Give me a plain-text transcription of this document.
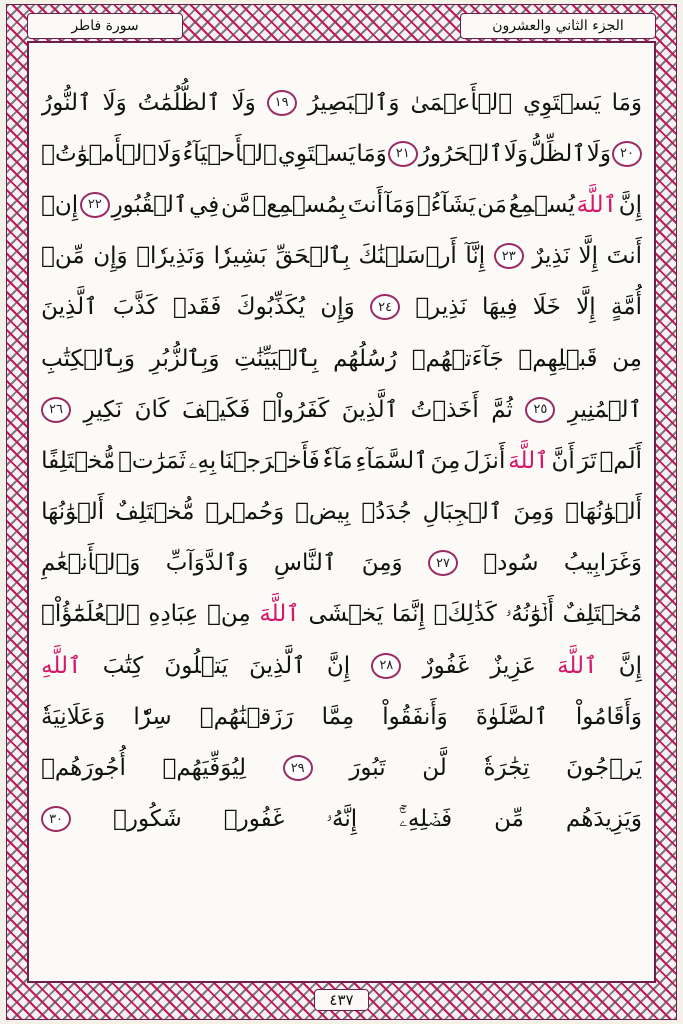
الجزء الثاني والعشرون
سورة فاطر
وَمَا
يَسۡتَوِي
ٱلۡأَعۡمَىٰ
وَٱلۡبَصِيرُ
١٩
وَلَا
ٱلظُّلُمَٰتُ
وَلَا
ٱلنُّورُ
٢٠
وَلَا
ٱلظِّلُّ
وَلَا
ٱلۡحَرُورُ
٢١
وَمَا
يَسۡتَوِي
ٱلۡأَحۡيَآءُ
وَلَا
ٱلۡأَمۡوَٰتُۚ
إِنَّ
ٱللَّهَ
يُسۡمِعُ
مَن
يَشَآءُۖ
وَمَآ
أَنتَ
بِمُسۡمِعٖ
مَّن
فِي
ٱلۡقُبُورِ
٢٢
إِنۡ
أَنتَ
إِلَّا
نَذِيرٌ
٢٣
إِنَّآ
أَرۡسَلۡنَٰكَ
بِٱلۡحَقِّ
بَشِيرٗا
وَنَذِيرٗاۚ
وَإِن
مِّنۡ
أُمَّةٍ
إِلَّا
خَلَا
فِيهَا
نَذِيرٞ
٢٤
وَإِن
يُكَذِّبُوكَ
فَقَدۡ
كَذَّبَ
ٱلَّذِينَ
مِن
قَبۡلِهِمۡ
جَآءَتۡهُمۡ
رُسُلُهُم
بِٱلۡبَيِّنَٰتِ
وَبِٱلزُّبُرِ
وَبِٱلۡكِتَٰبِ
ٱلۡمُنِيرِ
٢٥
ثُمَّ
أَخَذۡتُ
ٱلَّذِينَ
كَفَرُواْۖ
فَكَيۡفَ
كَانَ
نَكِيرِ
٢٦
أَلَمۡ
تَرَ
أَنَّ
ٱللَّهَ
أَنزَلَ
مِنَ
ٱلسَّمَآءِ
مَآءٗ
فَأَخۡرَجۡنَا
بِهِۦ
ثَمَرَٰتٖ
مُّخۡتَلِفًا
أَلۡوَٰنُهَاۚ
وَمِنَ
ٱلۡجِبَالِ
جُدَدُۢ
بِيضٞ
وَحُمۡرٞ
مُّخۡتَلِفٌ
أَلۡوَٰنُهَا
وَغَرَابِيبُ
سُودٞ
٢٧
وَمِنَ
ٱلنَّاسِ
وَٱلدَّوَآبِّ
وَٱلۡأَنۡعَٰمِ
مُخۡتَلِفٌ
أَلۡوَٰنُهُۥ
كَذَٰلِكَۗ
إِنَّمَا
يَخۡشَى
ٱللَّهَ
مِنۡ
عِبَادِهِ
ٱلۡعُلَمَٰٓؤُاْۗ
إِنَّ
ٱللَّهَ
عَزِيزٌ
غَفُورٌ
٢٨
إِنَّ
ٱلَّذِينَ
يَتۡلُونَ
كِتَٰبَ
ٱللَّهِ
وَأَقَامُواْ
ٱلصَّلَوٰةَ
وَأَنفَقُواْ
مِمَّا
رَزَقۡنَٰهُمۡ
سِرّٗا
وَعَلَانِيَةٗ
يَرۡجُونَ
تِجَٰرَةٗ
لَّن
تَبُورَ
٢٩
لِيُوَفِّيَهُمۡ
أُجُورَهُمۡ
وَيَزِيدَهُم
مِّن
فَضۡلِهِۦٓۚ
إِنَّهُۥ
غَفُورٞ
شَكُورٞ
٣٠
٤٣٧
